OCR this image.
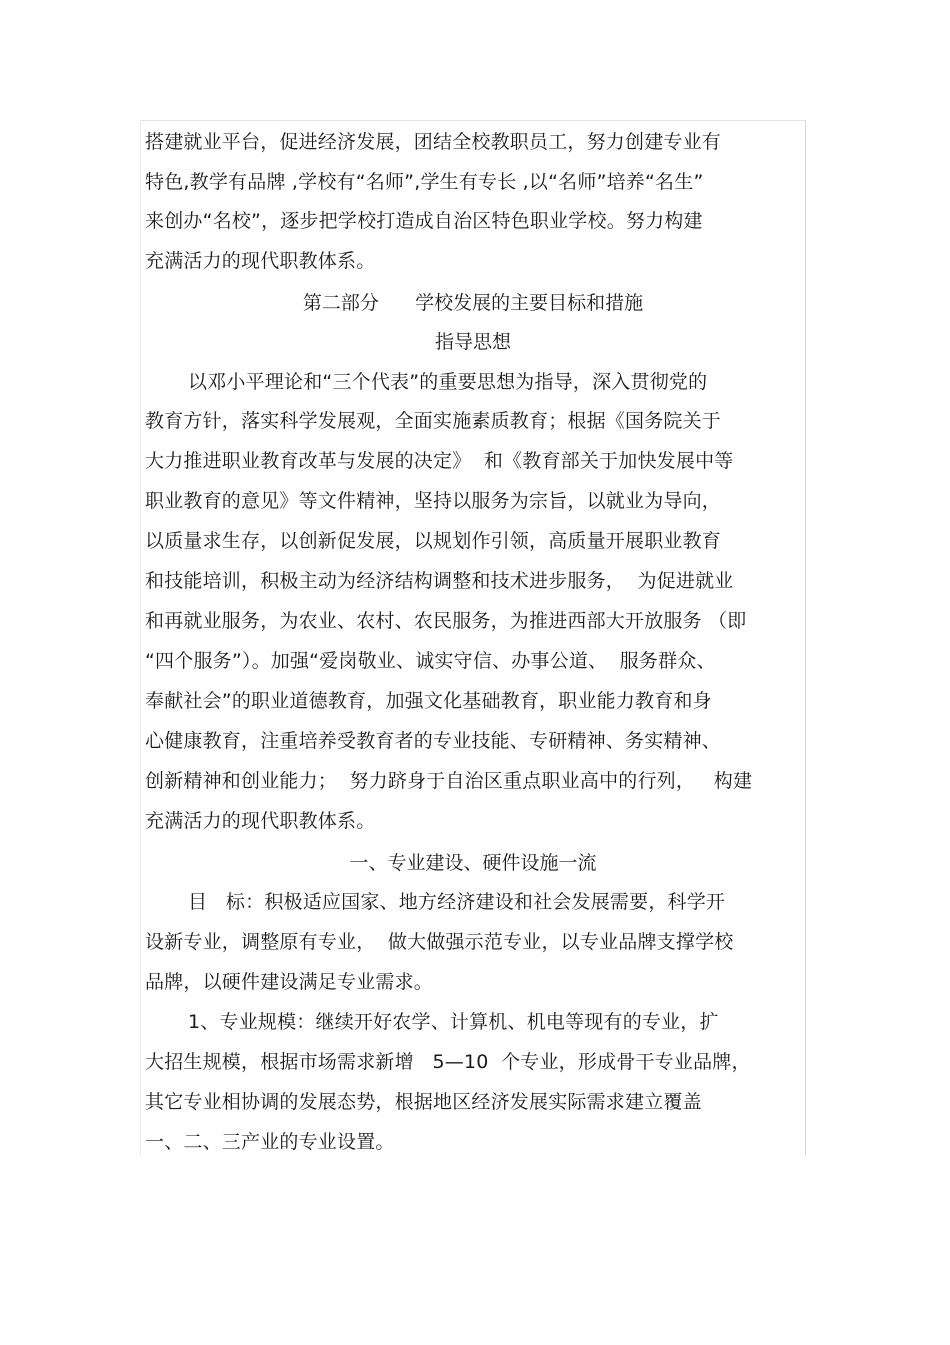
搭建就业平台，促进经济发展，团结全校教职员工，努力创建专业有
特色,教学有品牌 ,学校有“名师”,学生有专长 ,以“名师”培养“名生”
来创办“名校”，逐步把学校打造成自治区特色职业学校。努力构建
充满活力的现代职教体系。
第二部分      学校发展的主要目标和措施
指导思想
以邓小平理论和“三个代表”的重要思想为指导，深入贯彻党的
教育方针，落实科学发展观，全面实施素质教育；根据《国务院关于
大力推进职业教育改革与发展的决定》  和《教育部关于加快发展中等
职业教育的意见》等文件精神，坚持以服务为宗旨，以就业为导向，
以质量求生存，以创新促发展，以规划作引领，高质量开展职业教育
和技能培训，积极主动为经济结构调整和技术进步服务，  为促进就业
和再就业服务，为农业、农村、农民服务，为推进西部大开放服务 （即
“四个服务”）。加强“爱岗敬业、诚实守信、办事公道、  服务群众、
奉献社会”的职业道德教育，加强文化基础教育，职业能力教育和身
心健康教育，注重培养受教育者的专业技能、专研精神、务实精神、
创新精神和创业能力；  努力跻身于自治区重点职业高中的行列，   构建
充满活力的现代职教体系。
一、专业建设、硬件设施一流
目   标：积极适应国家、地方经济建设和社会发展需要，科学开
设新专业，调整原有专业，  做大做强示范专业，以专业品牌支撑学校
品牌，以硬件建设满足专业需求。
1、专业规模：继续开好农学、计算机、机电等现有的专业，扩
大招生规模，根据市场需求新增   5—10  个专业，形成骨干专业品牌，
其它专业相协调的发展态势，根据地区经济发展实际需求建立覆盖
一、二、三产业的专业设置。
